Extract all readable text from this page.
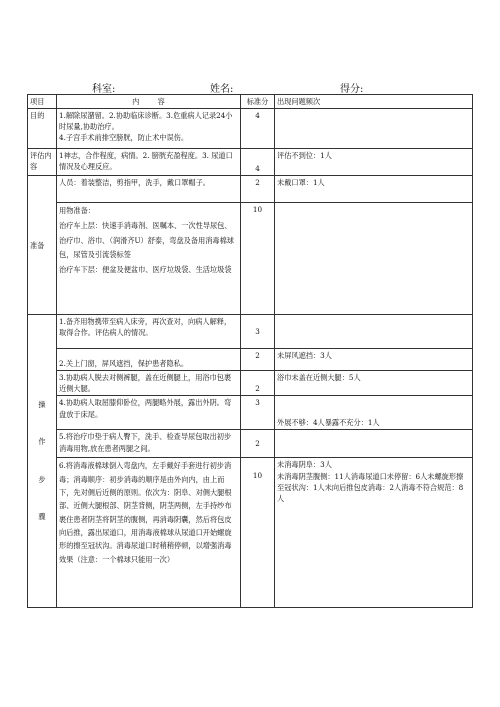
科室:	姓名:	得分:
项目	内        容	标准分	出现问题频次
目的	1.解除尿潴留。2.协助临床诊断。3.危重病人记录24小时尿量,协助治疗。
4.子宫手术前排空膀胱，防止术中误伤。	4	
评估内容	1神志，合作程度，病情。2. 膀胱充盈程度。3. 尿道口情况及心理反应。	4	评估不到位：1人
准备	人员：着装整洁，剪指甲，洗手，戴口罩帽子。	2	未戴口罩：1人

	用物准备：
治疗车上层：快速手消毒剂、医嘱本、一次性导尿包、治疗巾、浴巾、（润滑齐U）舒泰，弯盘及备用消毒棉球包，尿管及引流袋标签
治疗车下层：便盆及便盆巾、医疗垃圾袋、生活垃圾袋	10	

操

作

步

骤	1.备齐用物携带至病人床旁，再次查对，向病人解释，取得合作。评估病人的情况。	3	
	2.关上门窗，屏风遮挡，保护患者隐私。	2	未屏风遮挡：3人
	3.协助病人脱去对侧裤腿，盖在近侧腿上，用浴巾包裹近侧大腿。	2	浴巾未盖在近侧大腿：5人
	4.协助病人取屈膝仰卧位，两腿略外展，露出外阴。弯盘放于床尾。	3	外展不够：4人暴露不充分：1人
	5.将治疗巾垫于病人臀下，洗手、检查导尿包取出初步消毒用物,放在患者两腿之间。	2	
	6.将消毒液棉球倒入弯盘内，左手戴好手套进行初步消毒；消毒顺序：初步消毒的顺序是由外向内，由上而下，先对侧后近侧的原则。依次为：阴阜、对侧大腿根部、近侧大腿根部、阴茎背侧，阴茎两侧，左手持纱布裹住患者阴茎将阴茎的腹侧，再消毒阴囊，然后将包皮向后推，露出尿道口，用消毒液棉球从尿道口开始螺旋形的擦至冠状沟。消毒尿道口时稍稍停顿，以增强消毒效果（注意：一个棉球只能用一次）	10	未消毒阴阜：3人
未消毒阴茎腹侧：11人消毒尿道口未停留：6人未螺旋形擦至冠状沟：1人未向后推包皮消毒：2人消毒不符合规范：8人
